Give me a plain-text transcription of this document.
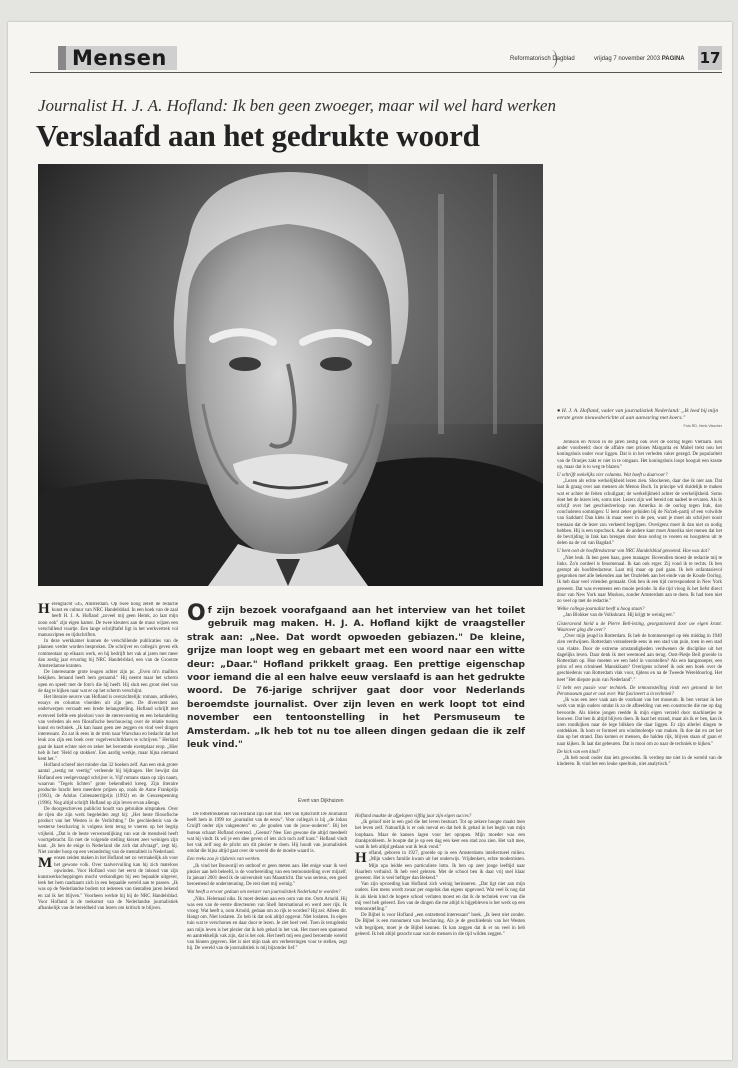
Mensen	Reformatorisch Dagblad	vrijdag 7 november 2003 PAGINA 17
Journalist H. J. A. Hofland: Ik ben geen zwoeger, maar wil wel hard werken
Verslaafd aan het gedrukte woord
● H. J. A. Hofland, vader van journalistiek Nederland: „Ik leed bij mijn eerste grote nieuwsberichte al aan aanvaring met koers."
Foto RD, Henk Visscher
Of zijn bezoek voorafgaand aan het interview van het toilet gebruik mag maken. H. J. A. Hofland kijkt de vraagsteller strak aan: „Nee. Dat wordt opwoeden gebiazen." De kleine, grijze man loopt weg en gebaart met een woord naar een witte deur: „Daar." Hofland prikkelt graag. Een prettige eigenschap voor iemand die al een halve eeuw verslaafd is aan het gedrukte woord. De 76-jarige schrijver gaat door voor Nederlands beroemdste journalist. Over zijn leven en werk loopt tot eind november een tentoonstelling in het Persmuseum te Amsterdam. „Ik heb tot nu toe alleen dingen gedaan die ik zelf leuk vind."
Evert van Dijkhuizen

Herengracht 545, Amsterdam. Op twee hoog zetelt de redactie kunst en cultuur van NRC Handelsblad. In een hoek van de zaal heeft H. J. A. Hofland „zoveel mij geen Hemk, zo laat mijn zoon ook" zijn eigen kamer. De twee kleuters aan de muur wijzen een verschillend vuurtje. Een lange schrijftafel ligt in het werkvertrek vol manuscripten en tijdschriften.

In deze werkkamer kunnen de verschillende publicaties van de plannen verder worden besproken. De schrijver en collega's geven elk commentaar op elkaars werk, en hij bedrijft het vak al jaren met meer dan zestig jaar ervaring bij NRC Handelsblad, een van de Grootste Amsterdamse kranten.

De interessante grote leugen achter zijn pc. „Even m'n mailbox bekijken. Iemand heeft hem geraamd." Hij neemt maar het scherm open en speelt met de foto's die hij heeft. Hij sluit een groot deel van de dag te kijken naar wat er op het scherm verschijnt.

Het literaire oeuvre van Hofland is overzichtelijk: romans, artikelen, essays en columns vloeiden uit zijn pen. De diversiteit aan onderwerpen verraadt een brede belangstelling. Hofland schrijft met evenveel liefde een pleidooi voor de stereovoering en een behandeling van verleden als een filosofische beschouwing over de relatie tussen kunst en techniek. „Ik kan haast geen zee zeggen en vind veel dingen interessant. Zo zat ik eens in de trein naar Warschau en bedacht dat het leuk zou zijn een boek over vogelverschrikkers te schrijven." Herland gaat de kaart echter niet en zeker het beroemde exemplaar erop. „Hier heb ik het: 'Held op stokken'. Een aardig werkje, maar bijna niemand kent het."

Hofland schreef niet minder dan 32 boeken zelf. Aan een stuk groter aantal „zestig tot veertig" verleende hij bijdragen. Het bewijst dat Hofland een veelgevraagd schrijver is. Vijf romans staan op zijn naam, waarvan "Tegels lichten" grote bekendheid kreeg. Zijn literaire productie bracht hem meerdere prijzen op, zoals de Anne Frankprijs (1963), de Adolas Cobenaterrijprijs (1992) en de Geuzenpenning (1996). Nog altijd schrijft Hofland op zijn leven ervan allengs.

De doorgeschreven publicist houdt van gebruikte uitspraken. Over de rijen die zijn werk begeleiden zegt hij: „Het beste filosofische product van het Westen is de Verlichting." De geschiedenis van de westerse beschaving is volgens hem terug te voeren op het begrip vrijheid. „Dat is de beste verwezenlijking van wat de mensheid heeft voortgebracht. En met de volgende stelling kiezen zeer weinigen zijn kant. „Ik ben de enige in Nederland die zich dat afvraagt", zegt hij. Niet zonder hoop op een verandering van de mentaliteit in Nederland.

Mensen zeiden maken in het Hofland net zo vermakelijk als voor het gewone volk. Over taalvervuiling kan hij zich mateloos opwinden. Voor Hofland voor het eerst de inhoud van zijn kunstwerkscheppingen mocht verkondigen bij een bepaalde uitgever, leek het hem raadzaam zich in een bepaalde wereld aan te passen. „Ik was op de Nederlandse bodem tot iedereen van tientallen jaren bekend en zal ik het blijven." Voorheen werkte hij bij de NRC Handelsblad. Voor Hofland is de toekomst van de Nederlandse journalistiek afhankelijk van de bereidheid van lezers om kritisch te blijven.

De lotbetrokkenen van Hofland zijn niet min. Het van tijdschrift De Journalist heeft hem in 1999 tot „journalist van de eeuw". Voor collega's is hij „de Johan Cruijff onder zijn vakgenoten" en „de gouden van de jouw-ouderen". Bij het bureau schaart Hofland overend. „Geenst? Nee. Een gewone die altijd meedeelt wat hij vindt. Ik wil je een idee geven of iets zich toch zelf kunt." Hofland vindt het vak zelf nog de plicht om dit plezier te doen. Hij houdt van journalistiek omdat die bijna altijd gaat over de wereld die de moeite waard is.

Een reeks zou je tijdsreis van werken.

„Ik vind het Bouwstijl en onthoof er geen meten aan. Het enige waar ik veel plezier aan heb beleefd, is de voorbereiding van een tentoonstelling over mijzelf. In januari 2001 deed ik de universiteit van Maastricht. Dat was serieus, een goed beroemend de ondersteuning. De rest doet mij weinig."

Wat heeft u ervoor gedaan om meister van journalistiek Nederland te worden?

„Niks. Helemaal niks. Ik moet denken aan een oom van me. Oom Arnold. Hij was een van de eerste directeuren van Shell International en werd zeer rijk. Ik vroeg: Wat heeft u, oom Arnold, gedaan om zo rijk te worden? Hij zei: Alleen dit. Hangt om. Niet loslaten. Zo heb ik dat ook altijd opgevat. Niet loslaten. In eigen tuin wat te verschonen en daar door te lezen. Je ziet heel veel. Toen ik terugdenkt aan mijn leven is het plezier dat ik heb gehad in het vak. Het moet een spannend en aantrekkelijk vak zijn, dat is het ook. Het heeft mij een goed beroemde wereld van binnen gegeven. Het is niet mijn taak om verbeteringen voor te stellen, zegt hij. De wereld van de journalistiek is mij bijzonder lief."

Hofland maakte de afgelopen vijftig jaar zijn eigen succes?

„Ik geloof niet in een god die het leven bestuurt. Tot op zekere hoogte maakt men het leven zelf. Natuurlijk is er ook toeval en dat heb ik gehad in het begin van mijn loopbaan. Maar de kansen lagen voor het oprapen. Mijn moeder was een drankprobleem. Je hoopte dat je op een dag een keer een stad zou zien. Het valt mee, want ik heb altijd gedaan wat ik leuk vond."

Hofland, geboren in 1927, groeide op in een Amsterdams intellectueel milieu. „Mijn vaders familie kwam uit het onderwijs. Vrijdenkers, echte modernisten. Mijn opa leidde een particuliere lotto. Ik ben op zeer jonge leeftijd naar Haarlem verhuisd. Ik heb veel gelezen. Met de school ben ik daar vrij snel klaar geweest. Het is veel heftiger dan Bekend."

Van zijn opvoeding kan Hofland zich weinig herinneren. „Dat ligt niet aan mijn ouders. Een mens wordt zwaar per ongeluk dan eigens opgevoed. Wat veel ik nog dat ik als klein kind de hogere school verlaten moest en dat ik de techniek over van die mij veel heb geleerd. Een van de dingen die me altijd is bijgebleven is het werk op een tentoonstelling."

De Bijbel is voor Hofland „een ontzettend interessant" boek. „Ik leest niet zonder. De Bijbel is een monument van beschaving. Als je de geschiedenis van het Westen wilt begrijpen, moet je de Bijbel kennen. Ik kan zeggen dat ik er nu veel in heb geleerd. Ik heb altijd gezocht naar wat de mensen in die tijd wilden zeggen."

Johnson en Nixon in de jaren zestig ook over de oorlog tegen Vietnam. Een ander voorbeeld: door de affaire met prinses Margarita en Mabel trekt nou het koningshuis onder vuur liggen. Dat is in het verleden vaker gezegd. De populariteit van de Oranjes zakt er niet in te omgaan. Het koningshuis loopt hooguit een kraste op, maar dat is to weg te blazen."

U schrijft wekelijks vier columns. Wat hoeft u daarvoor?

„Lezen als echte werkelijkheid lezen zien. Shockeren, daar doe ik niet aan. Dat laat ik graag over aan mensen als Menno Buch. In principe wil duidelijk te maken wat er achter de feiten schuilgaat; de werkelijkheid achter de werkelijkheid. Soms doet het de lezers iets, soms niet. Lezers zijn wel bereid om nadeel te ervaren. Als ik schrijf over het geschiedverloop van Amerika in de oorlog tegen Irak, dan concluderen sommigen: U bent zeker geluiden bij de Na'zeh-partij of een volwilde van Saddam! Dan klets ik maar weer in de pen, want je moet als schrijver nooit toestaan dat de lezer zou verkeerd begrijpen. Overigens moet ik dan niet zo nodig hebben. Hij is een topschuck. Aan de andere kant moet Amerika niet menen dat het de bevrijding in Irak kan brengen door deze oorlog te voeren en hoogstens uit te delen na de val van Bagdad."

U bent ooit de hoofdredacteur van NRC Handelsblad genoemd. Hoe was dat?

„Niet leuk. Ik ben geen baas, geen manager. Bovendien moest de redactie mij te links. Zo'n oordeel is fenomenaal. Ik kan ook erger. Zij vond ik te rechts. Ik ben gestopt als hoofdredacteur. Laat mij maar op pad gaan. Ik heb onfantasievol gesproken met alle bekenden aan het Onzlebek aan het einde van de Koude Oorlog. Ik heb daar veel vrienden gemaakt. Ook ben ik een tijd correspondent in New York geweest. Dat was eventeens een mooie periode. In die tijd vloog ik het liefst direct door van New York naar Moskou, zonder Amsterdam aan te doen. Ik had toen niet zo veel op met de redactie."

Welke collega-journalist heeft u hoog staan?

„Jan Blokker van de Volkskrant. Hij krijgt te weinig eer."

Gisteravond hield u de Pierre Bell-lezing, georganiseerd door uw eigen krant. Waarover ging die over?

„Over mijn jeugd in Rotterdam. Ik heb de bommenregel op één middag in 1940 zien verdwijnen. Rotterdam verandeerde eens in een stad van puin, toen in een stad van vlakte. Door de extreme omstandigheden verdwenen de discipline uit het dagelijks leven. Daar denk ik met weemoed aan terug. Oost-Pietje Bell groeide in Rotterdam op. Hoe moeten we een held in voorstellen? Als een bangsnoeper, een prins of een crimineel Manskikant? Overigens schreef ik ook een boek over de geschiedenis van Rotterdam vlak voor, tijdens en na de Tweede Wereldoorlog. Het heet "Het diepste puin van Nederland"."

U hebt een passie voor techniek. De tentoonstelling vindt een getoond in het Persmuseum gaat er ook over. Wat fascineert u in techniek?

„Ik was een zeer vaak aan de voorkant van het museum. Ik ben verrast in het werk van mijn ouders omdat ik zo de afbeelding van een constructie die me op dag bevoorde. Als kleine jongen reedde ik mijn eigen verzeld door machinetjes te bouwen. Dat ben ik altijd blijven doen. Ik haat het strand, maar als ik er ben, kan ik uren rondkijken naar de lege blikken die daar liggen. Er zijn allerlei dingen te ontdekken. Ik kom er formeel om windmolentje van maken. Ik doe dat en zet het dan op het strand. Dan komen er mensen, die halden rijk, blijven staan of gaan er naar kijken. Ik laat dat gebeuren. Dat is mooi om zo naar de techniek te kijken."

De kick van een kind?

„Ik heb nooit ooder dan iets geworden. Ik verdrep me niet in de wereld van de kinderen. Ik vind het een leuke speeltuin, niet analytisch."
